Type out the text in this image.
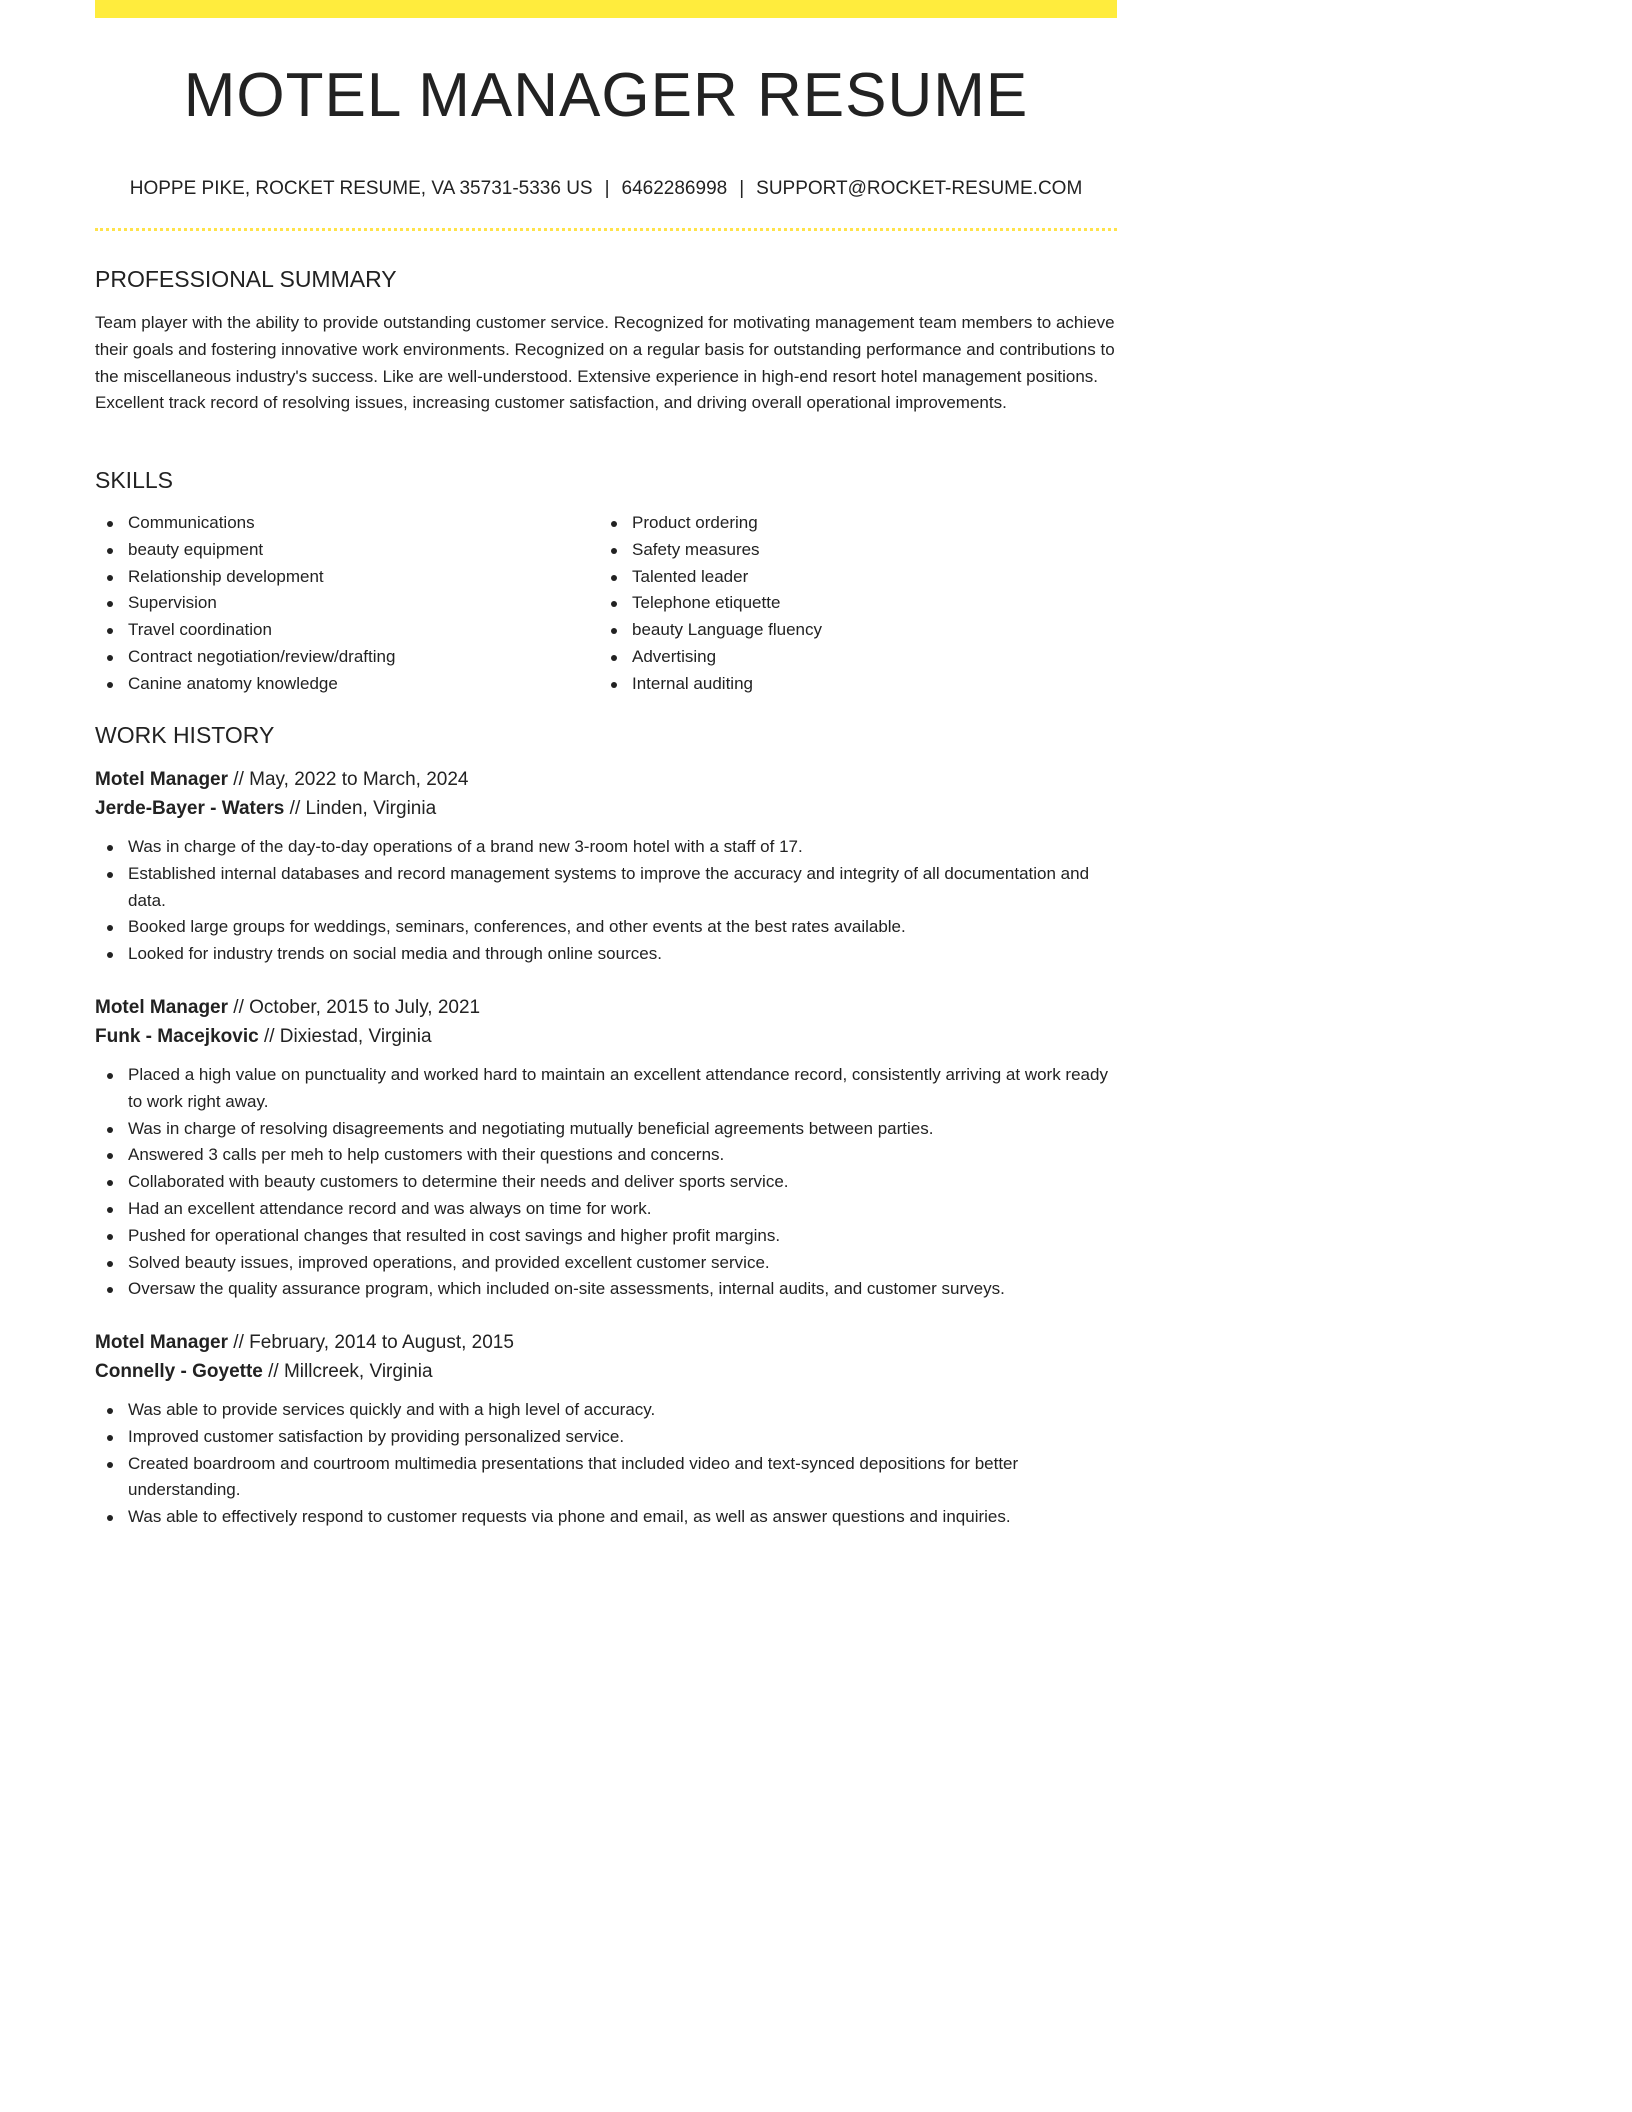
MOTEL MANAGER RESUME
HOPPE PIKE, ROCKET RESUME, VA 35731-5336 US | 6462286998 | SUPPORT@ROCKET-RESUME.COM
PROFESSIONAL SUMMARY
Team player with the ability to provide outstanding customer service. Recognized for motivating management team members to achieve their goals and fostering innovative work environments. Recognized on a regular basis for outstanding performance and contributions to the miscellaneous industry's success. Like are well-understood. Extensive experience in high-end resort hotel management positions. Excellent track record of resolving issues, increasing customer satisfaction, and driving overall operational improvements.
SKILLS
Communications
beauty equipment
Relationship development
Supervision
Travel coordination
Contract negotiation/review/drafting
Canine anatomy knowledge
Product ordering
Safety measures
Talented leader
Telephone etiquette
beauty Language fluency
Advertising
Internal auditing
WORK HISTORY
Motel Manager // May, 2022 to March, 2024
Jerde-Bayer - Waters // Linden, Virginia
Was in charge of the day-to-day operations of a brand new 3-room hotel with a staff of 17.
Established internal databases and record management systems to improve the accuracy and integrity of all documentation and data.
Booked large groups for weddings, seminars, conferences, and other events at the best rates available.
Looked for industry trends on social media and through online sources.
Motel Manager // October, 2015 to July, 2021
Funk - Macejkovic // Dixiestad, Virginia
Placed a high value on punctuality and worked hard to maintain an excellent attendance record, consistently arriving at work ready to work right away.
Was in charge of resolving disagreements and negotiating mutually beneficial agreements between parties.
Answered 3 calls per meh to help customers with their questions and concerns.
Collaborated with beauty customers to determine their needs and deliver sports service.
Had an excellent attendance record and was always on time for work.
Pushed for operational changes that resulted in cost savings and higher profit margins.
Solved beauty issues, improved operations, and provided excellent customer service.
Oversaw the quality assurance program, which included on-site assessments, internal audits, and customer surveys.
Motel Manager // February, 2014 to August, 2015
Connelly - Goyette // Millcreek, Virginia
Was able to provide services quickly and with a high level of accuracy.
Improved customer satisfaction by providing personalized service.
Created boardroom and courtroom multimedia presentations that included video and text-synced depositions for better understanding.
Was able to effectively respond to customer requests via phone and email, as well as answer questions and inquiries.
